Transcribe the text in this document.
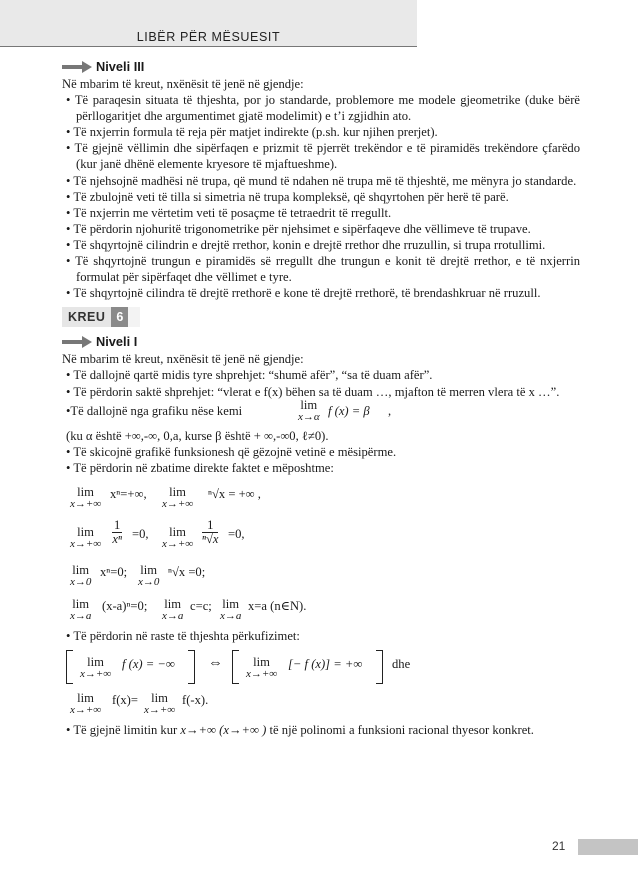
LIBËR PËR MËSUESIT
Niveli III

Në mbarim të kreut, nxënësit të jenë në gjendje:

• Të paraqesin situata të thjeshta, por jo standarde, problemore me modele gjeometrike (duke bërë përllogaritjet dhe argumentimet gjatë modelimit) e t’i zgjidhin ato.

• Të nxjerrin formula të reja për matjet indirekte (p.sh. kur njihen prerjet).

• Të gjejnë vëllimin dhe sipërfaqen e prizmit të pjerrët trekëndor e të piramidës trekëndore çfarëdo (kur janë dhënë elemente kryesore të mjaftueshme).

• Të njehsojnë madhësi në trupa, që mund të ndahen në trupa më të thjeshtë, me mënyra jo standarde.

• Të zbulojnë veti të tilla si simetria në trupa kompleksë, që shqyrtohen për herë të parë.

• Të nxjerrin me vërtetim veti të posaçme të tetraedrit të rregullt.

• Të përdorin njohuritë trigonometrike për njehsimet e sipërfaqeve dhe vëllimeve të trupave.

• Të shqyrtojnë cilindrin e drejtë rrethor, konin e drejtë rrethor dhe rruzullin, si trupa rrotullimi.

• Të shqyrtojnë trungun e piramidës së rregullt dhe trungun e konit të drejtë rrethor, e të nxjerrin formulat për sipërfaqet dhe vëllimet e tyre.

• Të shqyrtojnë cilindra të drejtë rrethorë e kone të drejtë rrethorë, të brendashkruar në rruzull.

KREU 6
Niveli I

Në mbarim të kreut, nxënësit të jenë në gjendje:

• Të dallojnë qartë midis tyre shprehjet: “shumë afër”, “sa të duam afër”.

• Të përdorin saktë shprehjet: “vlerat e f(x) bëhen sa të duam …, mjafton të merren vlera të x …”.

•Të dallojnë nga grafiku nëse kemi	lim
x→α f (x) = β ,

(ku α është +∞,-∞, 0,a, kurse β është + ∞,-∞0, ℓ≠0).

• Të skicojnë grafikë funksionesh që gëzojnë vetinë e mësipërme.

• Të përdorin në zbatime direkte faktet e mëposhtme:

lim
x→+∞
xⁿ=+∞,	lim
x→+∞
ⁿ√x = +∞ ,
lim
$x\to+\infty \frac{1}{\text{xⁿ}} =0$,	lim
$x\to+\infty \frac{1}{\text{ⁿ√x}} =0$,
lim
x→0
xⁿ=0; lim
x→0
ⁿ√x =0;
lim
x→a
(x-a)ⁿ=0; lim
x→a
c=c; lim
x→a
x=a (n∈N).

• Të përdorin në raste të thjeshta përkufizimet:

lim
x→+∞
f (x) = −∞ ⇔	lim
x→+∞
[− f (x)] = +∞ dhe
lim
x→+∞
f(x)=	lim
x→+∞
f(-x).

• Të gjejnë limitin kur x→+∞ (x→+∞ ) të një polinomi a funksioni racional thyesor konkret.

21
